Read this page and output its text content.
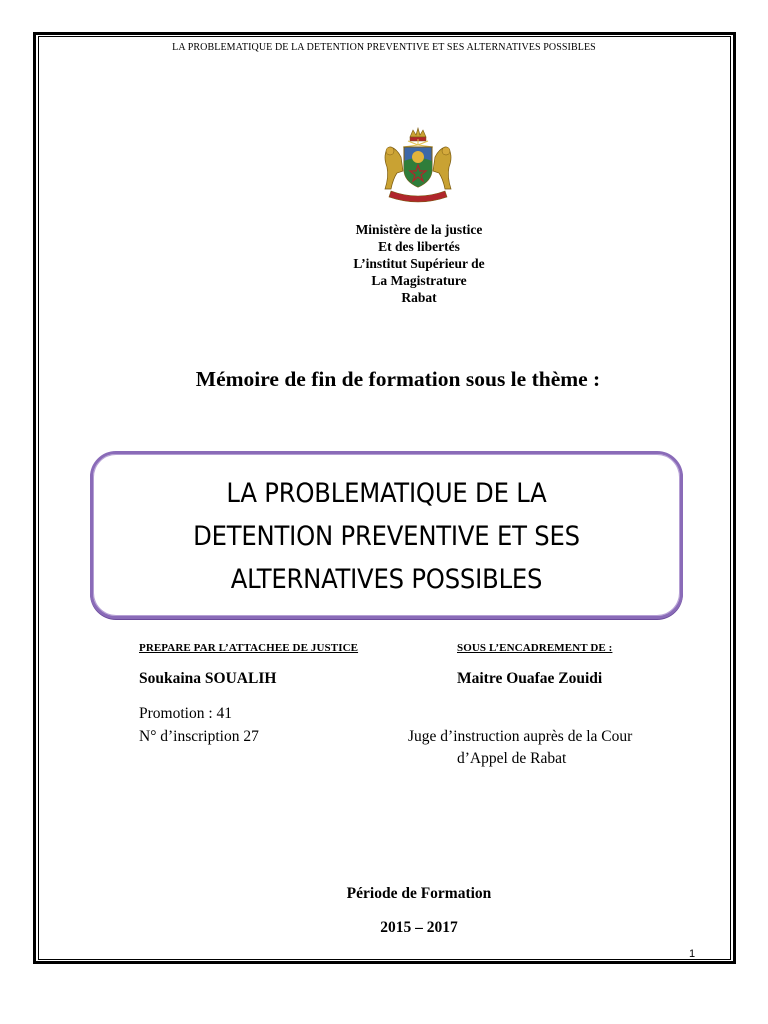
LA PROBLEMATIQUE DE LA DETENTION PREVENTIVE ET SES ALTERNATIVES POSSIBLES
Ministère de la justice
Et des libertés
L’institut Supérieur de
La Magistrature
Rabat
Mémoire de fin de formation sous le thème :
LA PROBLEMATIQUE DE LA
DETENTION PREVENTIVE ET SES
ALTERNATIVES POSSIBLES
PREPARE PAR L’ATTACHEE DE JUSTICE	SOUS L’ENCADREMENT DE :
Soukaina SOUALIH	Maitre Ouafae Zouidi
Promotion : 41
N° d’inscription 27	Juge d’instruction auprès de la Cour
d’Appel de Rabat
Période de Formation
2015 – 2017
1
